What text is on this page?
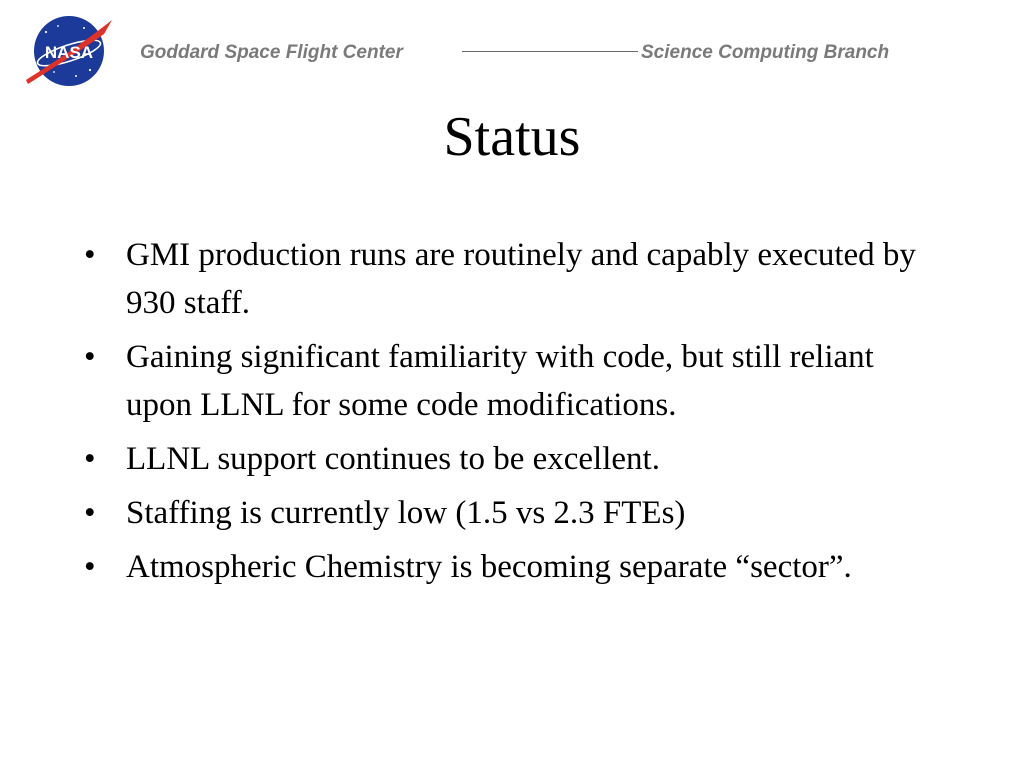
NASA Goddard Space Flight Center	Science Computing Branch
Status
• GMI production runs are routinely and capably executed by 930 staff.
• Gaining significant familiarity with code, but still reliant upon LLNL for some code modifications.
• LLNL support continues to be excellent.
• Staffing is currently low (1.5 vs 2.3 FTEs)
• Atmospheric Chemistry is becoming separate “sector”.
